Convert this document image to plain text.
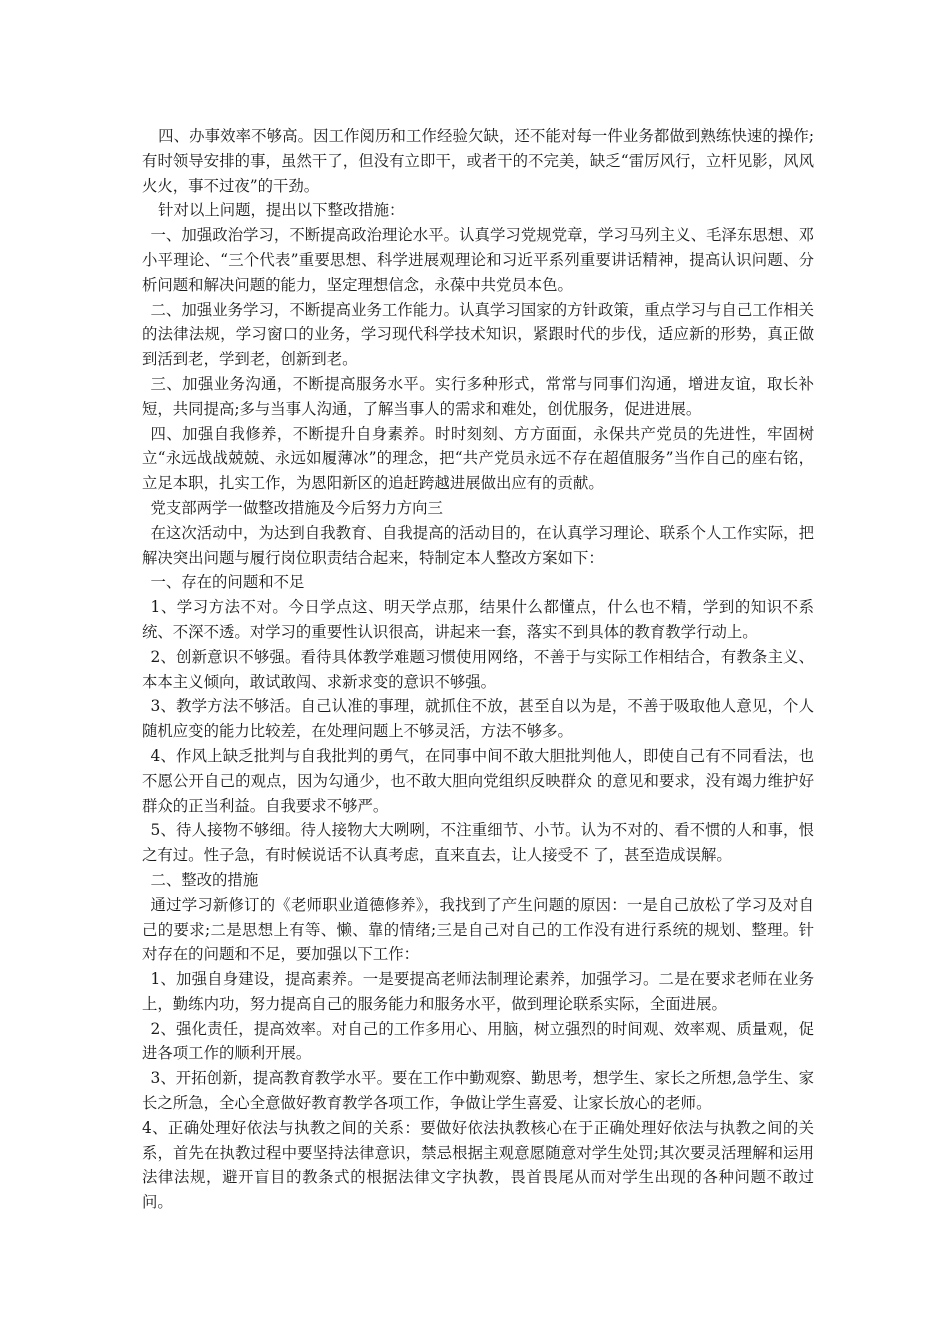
四、办事效率不够高。因工作阅历和工作经验欠缺，还不能对每一件业务都做到熟练快速的操作;有时领导安排的事，虽然干了，但没有立即干，或者干的不完美，缺乏“雷厉风行，立杆见影，风风火火，事不过夜”的干劲。

针对以上问题，提出以下整改措施：

一、加强政治学习，不断提高政治理论水平。认真学习党规党章，学习马列主义、毛泽东思想、邓小平理论、“三个代表”重要思想、科学进展观理论和习近平系列重要讲话精神，提高认识问题、分析问题和解决问题的能力，坚定理想信念，永葆中共党员本色。

二、加强业务学习，不断提高业务工作能力。认真学习国家的方针政策，重点学习与自己工作相关的法律法规，学习窗口的业务，学习现代科学技术知识，紧跟时代的步伐，适应新的形势，真正做到活到老，学到老，创新到老。

三、加强业务沟通，不断提高服务水平。实行多种形式，常常与同事们沟通，增进友谊，取长补短，共同提高;多与当事人沟通，了解当事人的需求和难处，创优服务，促进进展。

四、加强自我修养，不断提升自身素养。时时刻刻、方方面面，永保共产党员的先进性，牢固树立“永远战战兢兢、永远如履薄冰”的理念，把“共产党员永远不存在超值服务”当作自己的座右铭，立足本职，扎实工作，为恩阳新区的追赶跨越进展做出应有的贡献。

党支部两学一做整改措施及今后努力方向三

在这次活动中，为达到自我教育、自我提高的活动目的，在认真学习理论、联系个人工作实际，把解决突出问题与履行岗位职责结合起来，特制定本人整改方案如下：

一、存在的问题和不足

1、学习方法不对。今日学点这、明天学点那，结果什么都懂点，什么也不精，学到的知识不系统、不深不透。对学习的重要性认识很高，讲起来一套，落实不到具体的教育教学行动上。

2、创新意识不够强。看待具体教学难题习惯使用网络，不善于与实际工作相结合，有教条主义、本本主义倾向，敢试敢闯、求新求变的意识不够强。

3、教学方法不够活。自己认准的事理，就抓住不放，甚至自以为是，不善于吸取他人意见，个人随机应变的能力比较差，在处理问题上不够灵活，方法不够多。

4、作风上缺乏批判与自我批判的勇气，在同事中间不敢大胆批判他人，即使自己有不同看法，也不愿公开自己的观点，因为勾通少，也不敢大胆向党组织反映群众 的意见和要求，没有竭力维护好群众的正当利益。自我要求不够严。

5、待人接物不够细。待人接物大大咧咧，不注重细节、小节。认为不对的、看不惯的人和事，恨之有过。性子急，有时候说话不认真考虑，直来直去，让人接受不 了，甚至造成误解。

二、整改的措施

通过学习新修订的《老师职业道德修养》，我找到了产生问题的原因：一是自己放松了学习及对自己的要求;二是思想上有等、懒、靠的情绪;三是自己对自己的工作没有进行系统的规划、整理。针对存在的问题和不足，要加强以下工作：

1、加强自身建设，提高素养。一是要提高老师法制理论素养，加强学习。二是在要求老师在业务上，勤练内功，努力提高自己的服务能力和服务水平，做到理论联系实际，全面进展。

2、强化责任，提高效率。对自己的工作多用心、用脑，树立强烈的时间观、效率观、质量观，促进各项工作的顺利开展。

3、开拓创新，提高教育教学水平。要在工作中勤观察、勤思考，想学生、家长之所想,急学生、家长之所急，全心全意做好教育教学各项工作，争做让学生喜爱、让家长放心的老师。

4、正确处理好依法与执教之间的关系：要做好依法执教核心在于正确处理好依法与执教之间的关系，首先在执教过程中要坚持法律意识，禁忌根据主观意愿随意对学生处罚;其次要灵活理解和运用法律法规，避开盲目的教条式的根据法律文字执教，畏首畏尾从而对学生出现的各种问题不敢过问。
